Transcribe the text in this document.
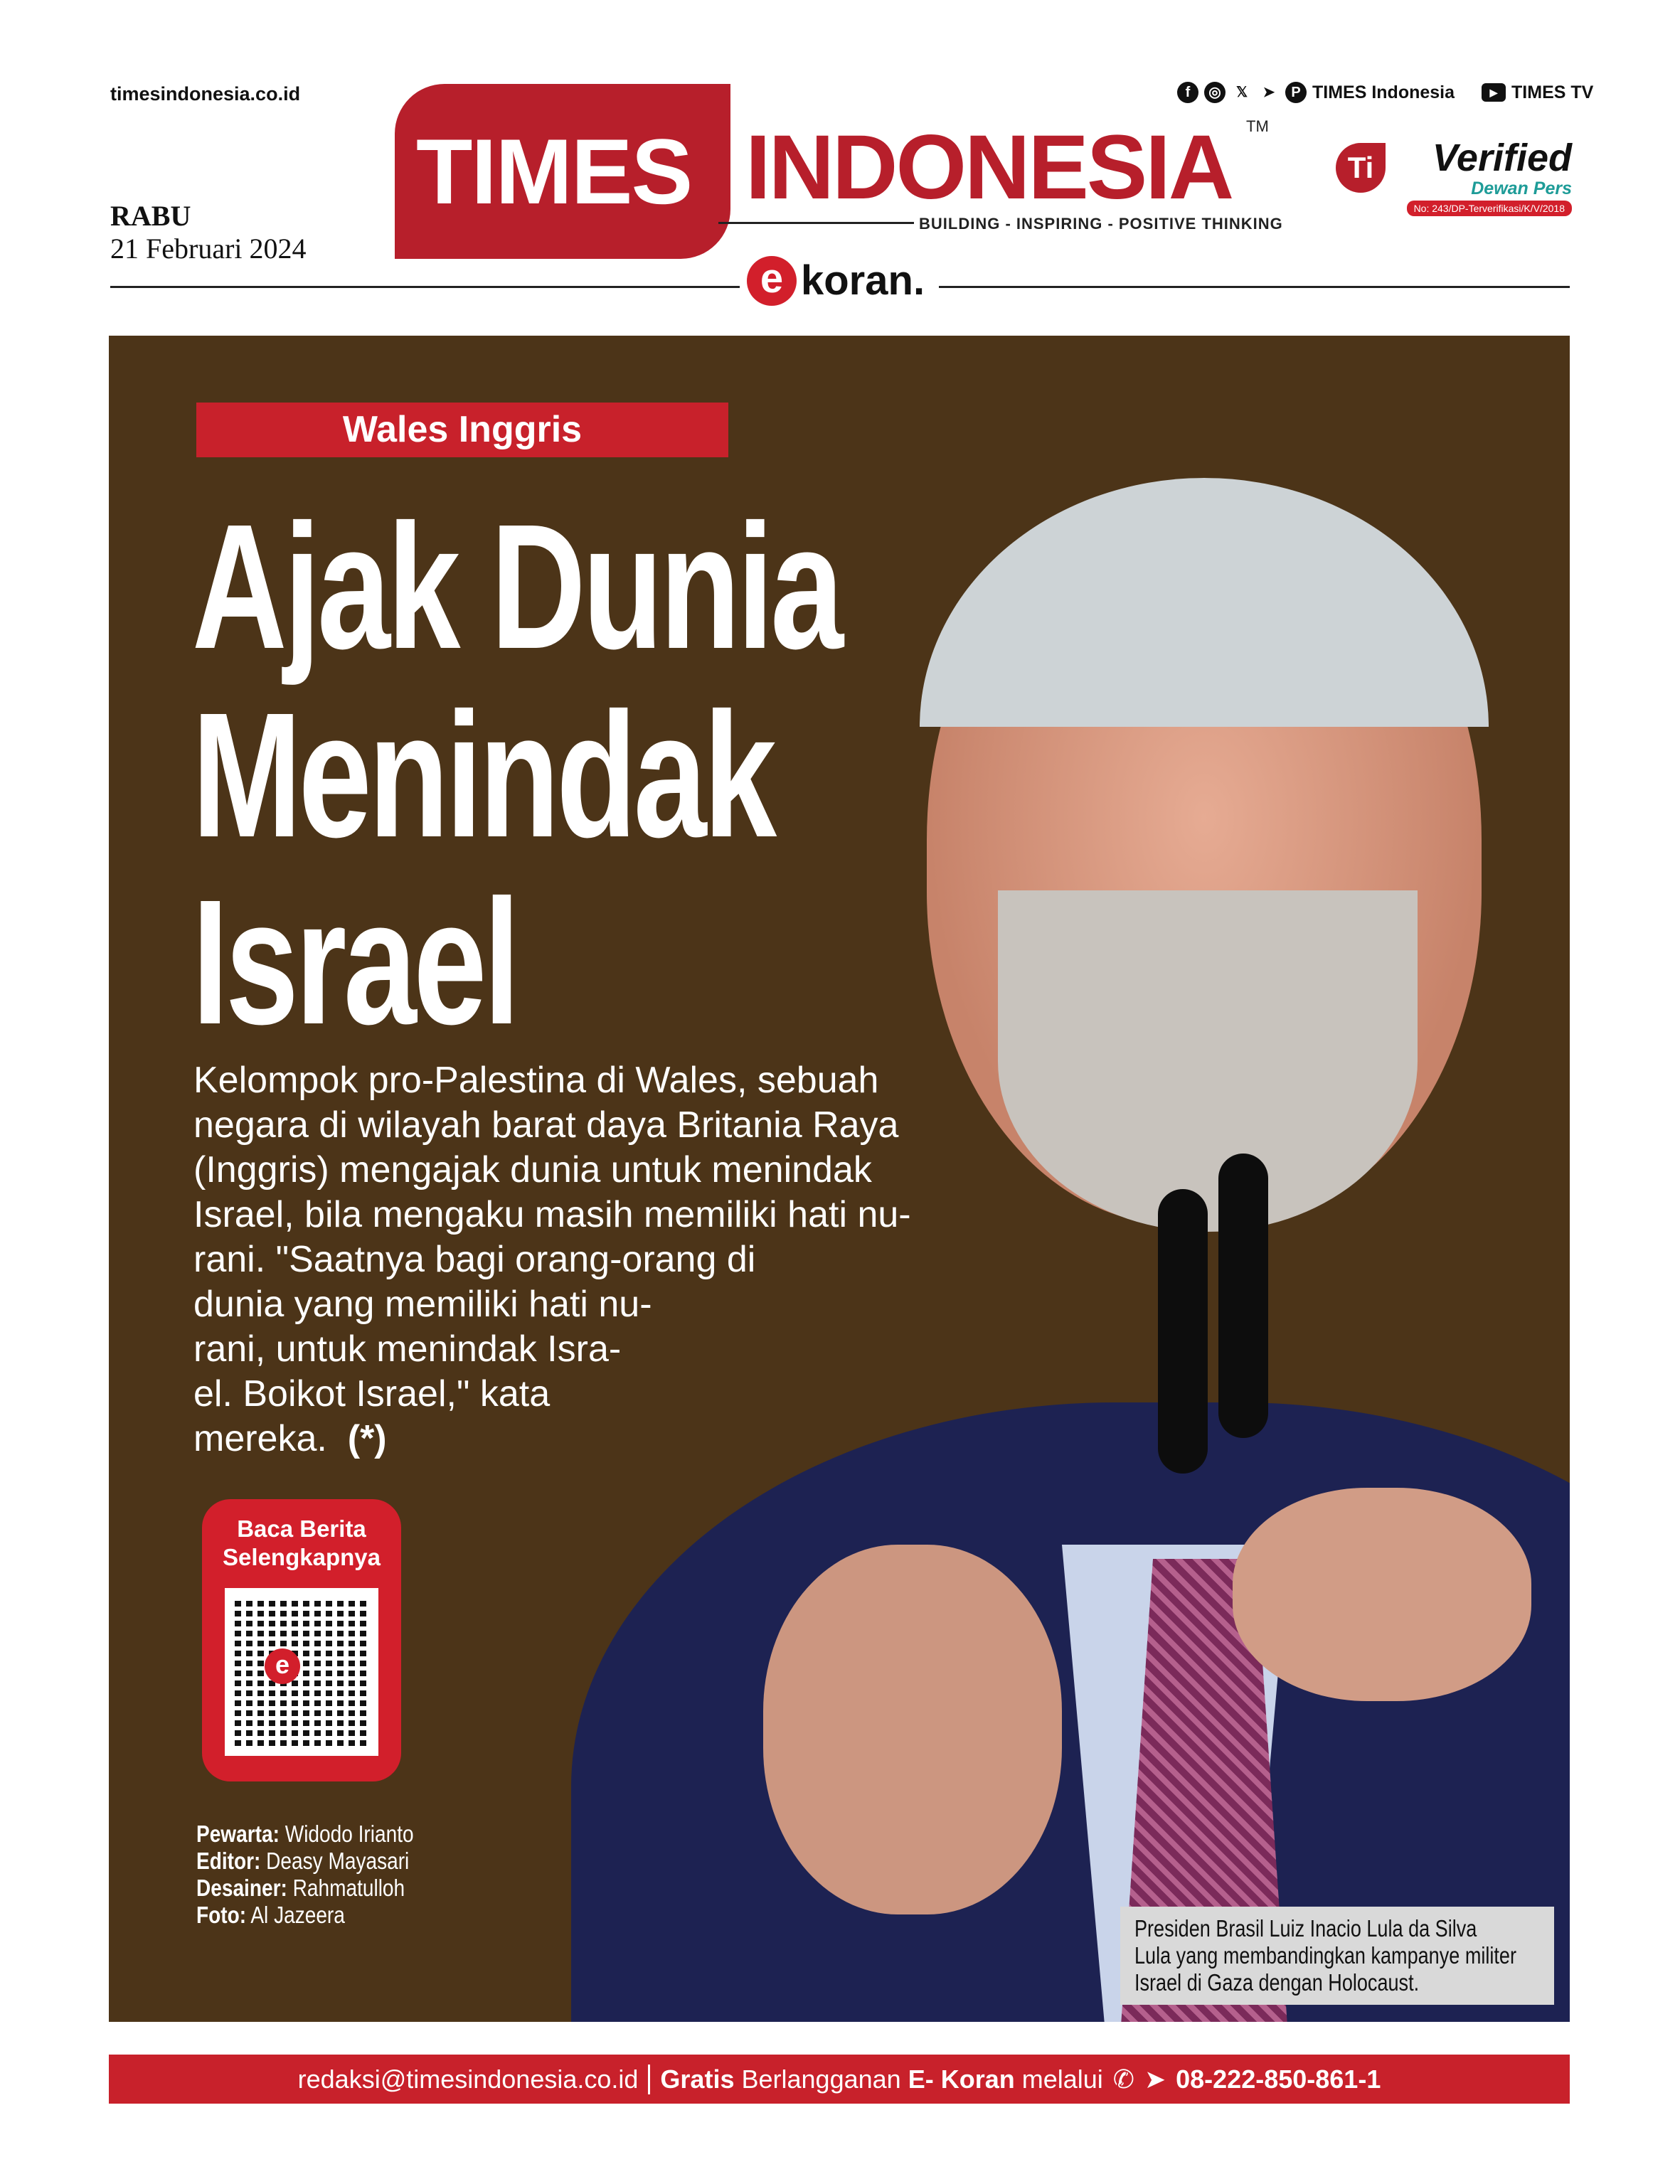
timesindonesia.co.id
RABU
21 Februari 2024
TIMES INDONESIA TM
BUILDING - INSPIRING - POSITIVE THINKING
e koran.
f	◎	𝕏	➤	P TIMES Indonesia	▶ TIMES TV
Ti	Verified
Dewan Pers
No: 243/DP-Terverifikasi/K/V/2018
Wales Inggris
Ajak Dunia
Menindak
Israel
Kelompok pro-Palestina di Wales, sebuah
negara di wilayah barat daya Britania Raya
(Inggris) mengajak dunia untuk menindak
Israel, bila mengaku masih memiliki hati nu-
rani. "Saatnya bagi orang-orang di
dunia yang memiliki hati nu-
rani, untuk menindak Isra-
el. Boikot Israel," kata
mereka. (*)
Baca Berita
Selengkapnya
e
Pewarta: Widodo Irianto
Editor: Deasy Mayasari
Desainer: Rahmatulloh
Foto: Al Jazeera
Presiden Brasil Luiz Inacio Lula da Silva
Lula yang membandingkan kampanye militer
Israel di Gaza dengan Holocaust.
redaksi@timesindonesia.co.id Gratis Berlangganan E- Koran melalui ✆ ➤ 08-222-850-861-1
